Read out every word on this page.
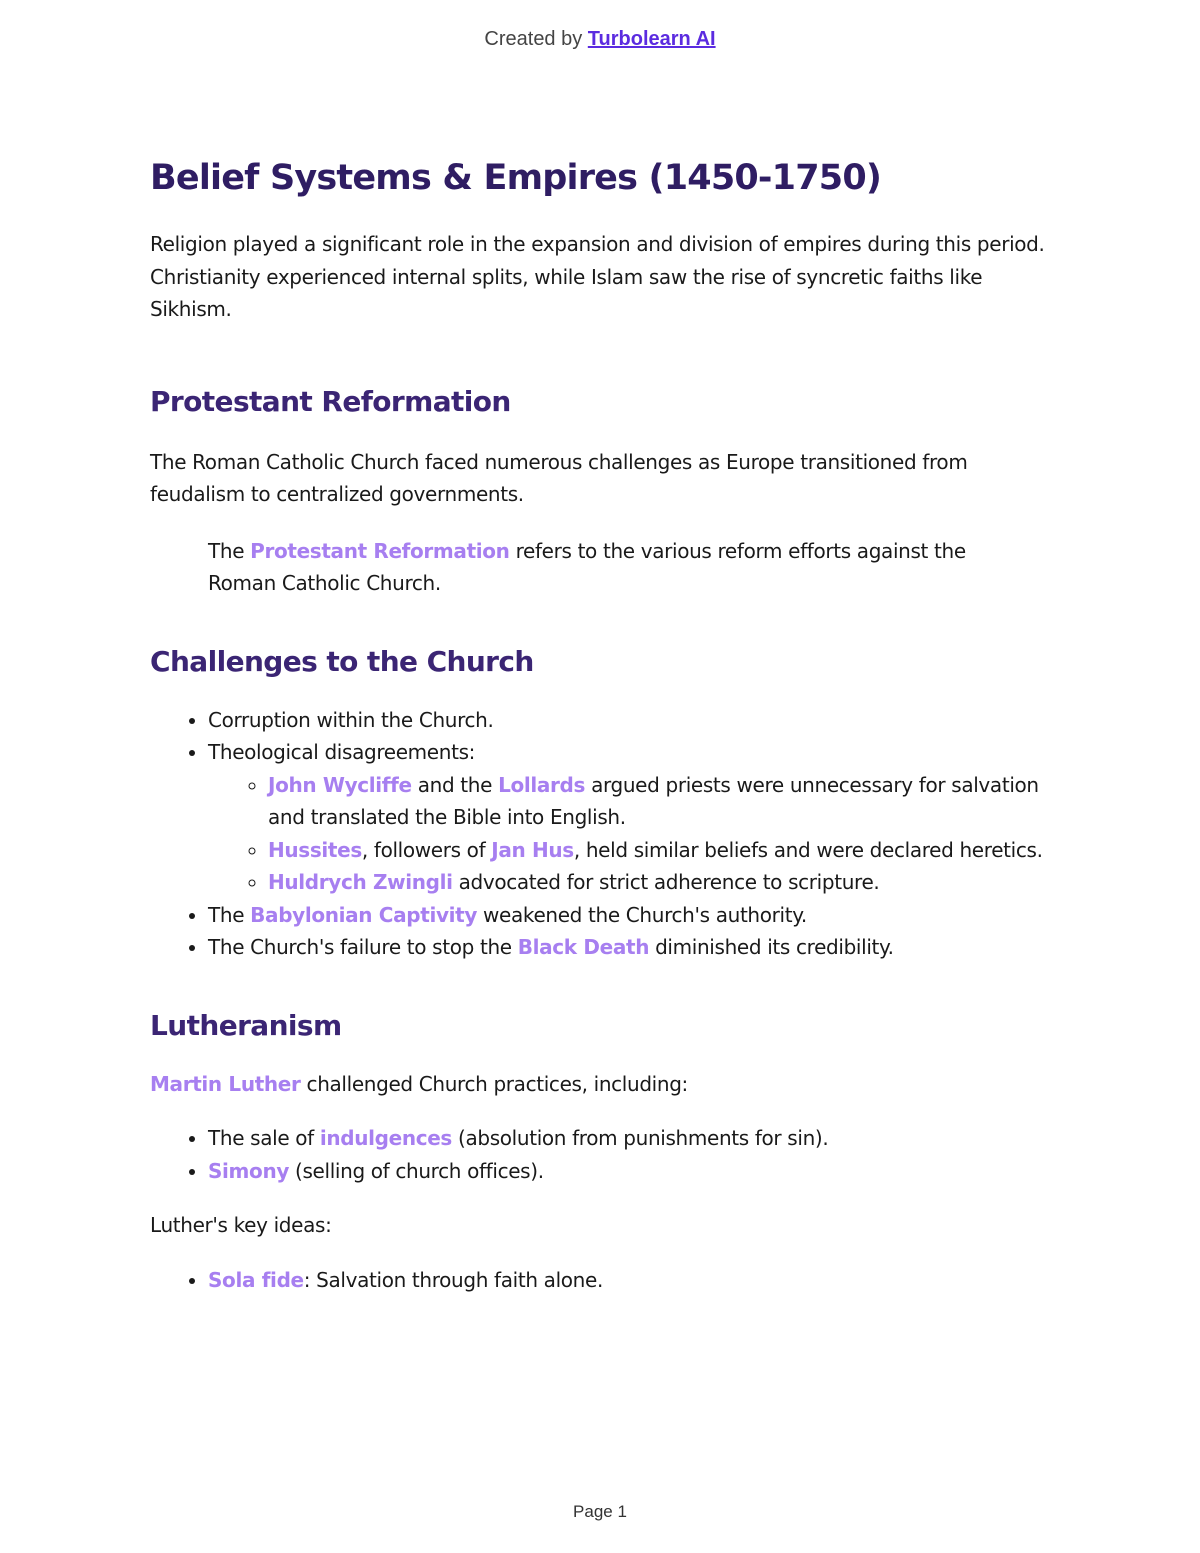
Created by Turbolearn AI
Belief Systems & Empires (1450-1750)

Religion played a significant role in the expansion and division of empires during this period. Christianity experienced internal splits, while Islam saw the rise of syncretic faiths like Sikhism.

Protestant Reformation

The Roman Catholic Church faced numerous challenges as Europe transitioned from feudalism to centralized governments.

The Protestant Reformation refers to the various reform efforts against the Roman Catholic Church.

Challenges to the Church
• Corruption within the Church.
• Theological disagreements:
◦ John Wycliffe and the Lollards argued priests were unnecessary for salvation and translated the Bible into English.
◦ Hussites, followers of Jan Hus, held similar beliefs and were declared heretics.
◦ Huldrych Zwingli advocated for strict adherence to scripture.
• The Babylonian Captivity weakened the Church's authority.
• The Church's failure to stop the Black Death diminished its credibility.
Lutheranism

Martin Luther challenged Church practices, including:

• The sale of indulgences (absolution from punishments for sin).
• Simony (selling of church offices).

Luther's key ideas:

• Sola fide: Salvation through faith alone.
Page 1
